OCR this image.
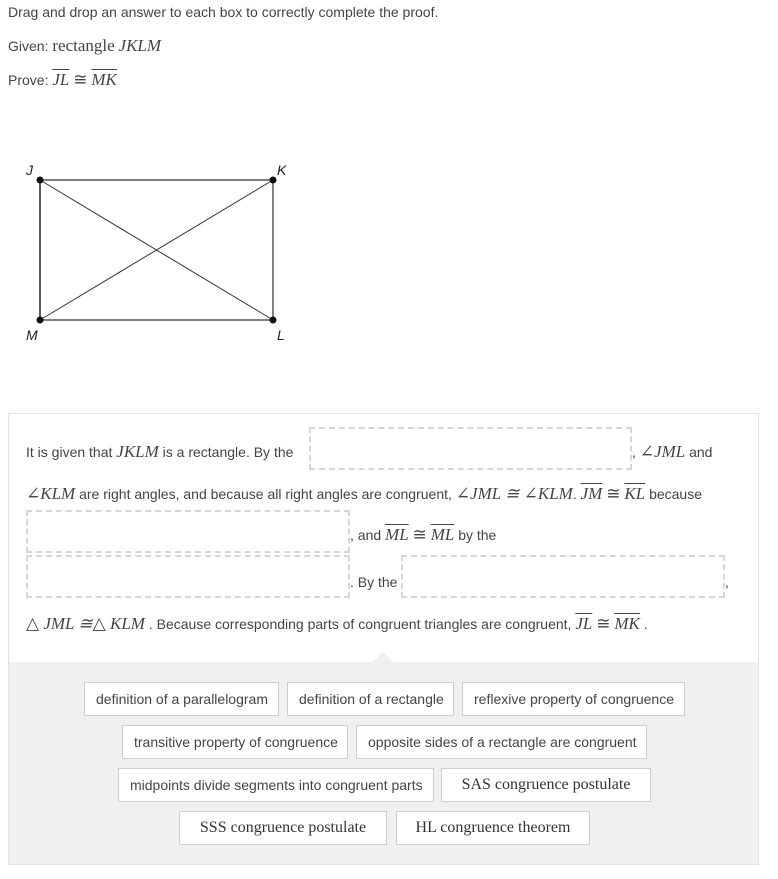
Drag and drop an answer to each box to correctly complete the proof.
Given: rectangle JKLM
Prove: $\overline{JL}$ ≅ $\overline{MK}$
J	K
L
M
It is given that JKLM is a rectangle. By the	, ∠JML and
∠KLM are right angles, and because all right angles are congruent, ∠JML ≅ ∠KLM. $\overline{JM}$ ≅ $\overline{KL}$ because
, and $\overline{ML}$ ≅ $\overline{ML}$ by the
. By the	,
△ JML ≅△ KLM . Because corresponding parts of congruent triangles are congruent, $\overline{JL}$ ≅ $\overline{MK}$ .
definition of a parallelogram	definition of a rectangle	reflexive property of congruence
transitive property of congruence	opposite sides of a rectangle are congruent
midpoints divide segments into congruent parts	SAS congruence postulate
SSS congruence postulate	HL congruence theorem
